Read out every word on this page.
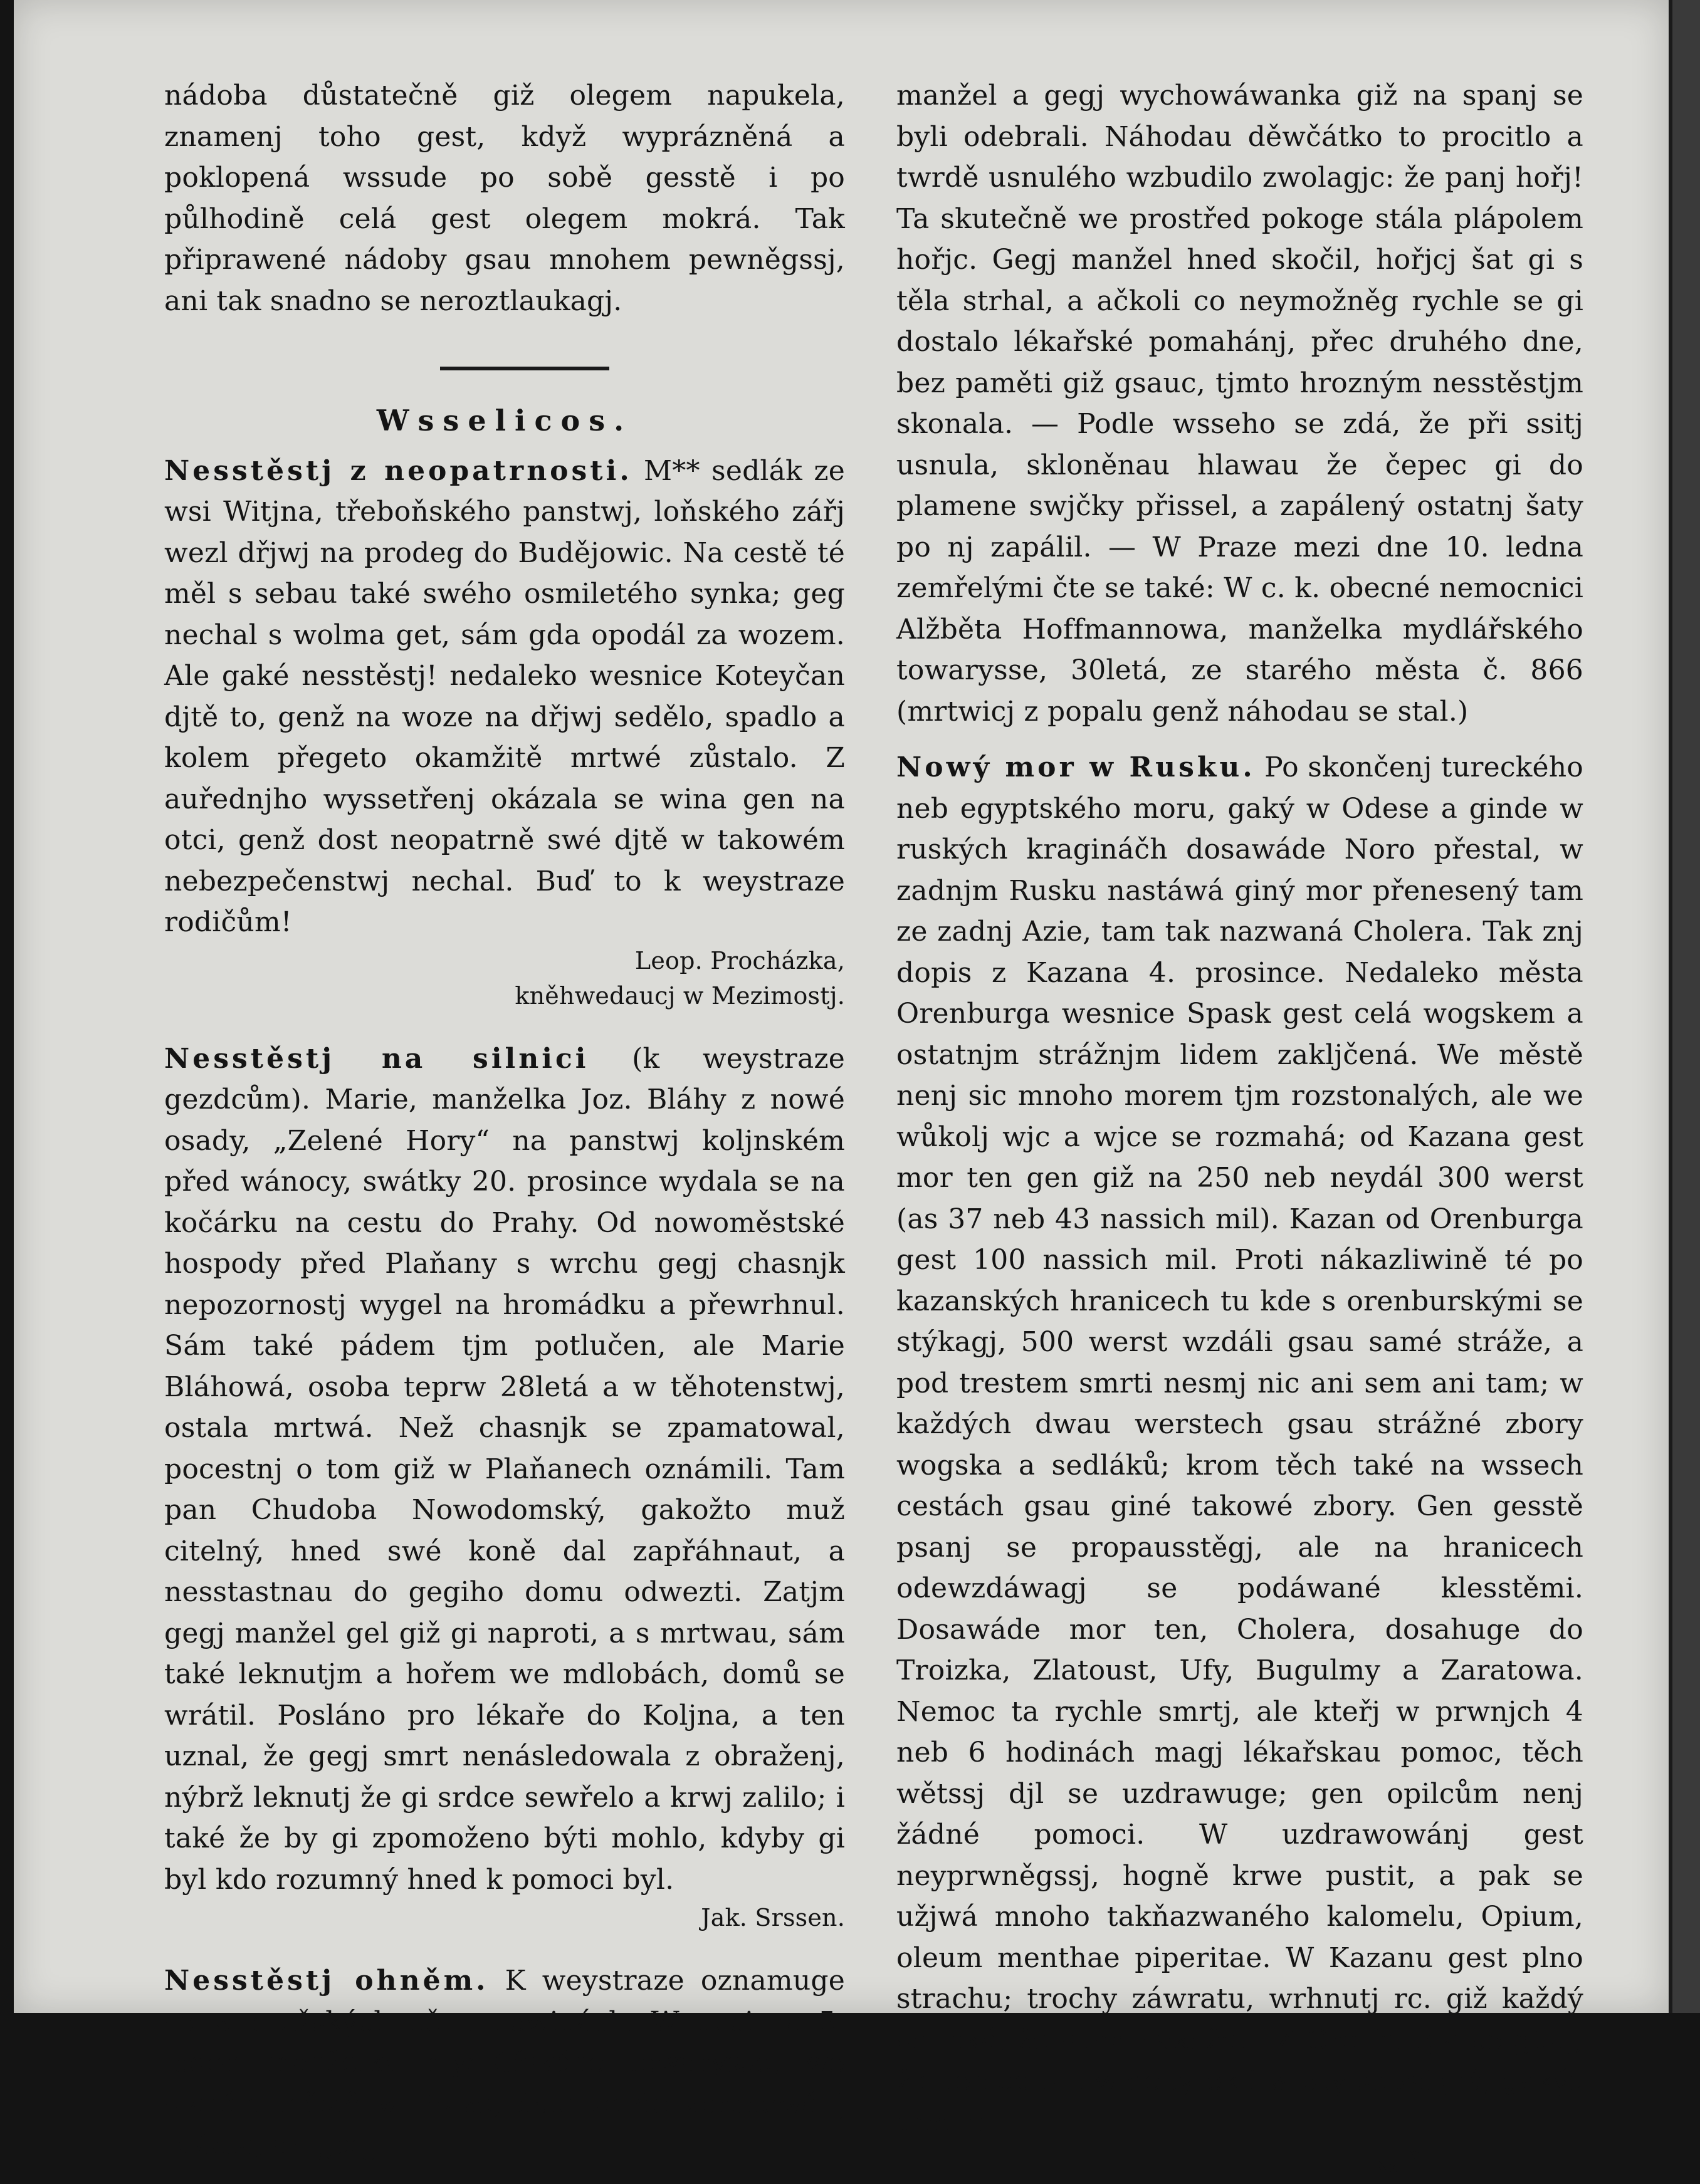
nádoba důstatečně giž olegem napukela, znamenj toho gest, když wyprázněná a poklopená wssude po sobě gesstě i po půlhodině celá gest olegem mokrá. Tak připrawené nádoby gsau mnohem pewněgssj, ani tak snadno se neroztlaukagj.

Wsselicos.

Nesstěstj z neopatrnosti. M** sedlák ze wsi Witjna, třeboňského panstwj, loňského zářj wezl dřjwj na prodeg do Budějowic. Na cestě té měl s sebau také swého osmiletého synka; geg nechal s wolma get, sám gda opodál za wozem. Ale gaké nesstěstj! nedaleko wesnice Koteyčan djtě to, genž na woze na dřjwj sedělo, spadlo a kolem přegeto okamžitě mrtwé zůstalo. Z auřednjho wyssetřenj okázala se wina gen na otci, genž dost neopatrně swé djtě w takowém nebezpečenstwj nechal. Buď to k weystraze rodičům!

Leop. Procházka,
kněhwedaucj w Mezimostj.

Nesstěstj na silnici (k weystraze gezdcům). Marie, manželka Joz. Bláhy z nowé osady, „Zelené Hory“ na panstwj koljnském před wánocy, swátky 20. prosince wydala se na kočárku na cestu do Prahy. Od nowoměstské hospody před Plaňany s wrchu gegj chasnjk nepozornostj wygel na hromádku a přewrhnul. Sám také pádem tjm potlučen, ale Marie Bláhowá, osoba teprw 28letá a w těhotenstwj, ostala mrtwá. Než chasnjk se zpamatowal, pocestnj o tom giž w Plaňanech oznámili. Tam pan Chudoba Nowodomský, gakožto muž citelný, hned swé koně dal zapřáhnaut, a nesstastnau do gegiho domu odwezti. Zatjm gegj manžel gel giž gi naproti, a s mrtwau, sám také leknutjm a hořem we mdlobách, domů se wrátil. Posláno pro lékaře do Koljna, a ten uznal, že gegj smrt nenásledowala z obraženj, nýbrž leknutj že gi srdce sewřelo a krwj zalilo; i také že by gi zpomoženo býti mohlo, kdyby gi byl kdo rozumný hned k pomoci byl.

Jak. Srssen.

Nesstěstj ohněm. K weystraze oznamuge se w pražských něm. nowinách: W noci na 5. leden manželka mydlářského towarysse, we starém městě w Praze, dala se do zpracowánj prádla, an gegj

manžel a gegj wychowáwanka giž na spanj se byli odebrali. Náhodau děwčátko to procitlo a twrdě usnulého wzbudilo zwolagjc: že panj hořj! Ta skutečně we prostřed pokoge stála plápolem hořjc. Gegj manžel hned skočil, hořjcj šat gi s těla strhal, a ačkoli co neymožněg rychle se gi dostalo lékařské pomahánj, přec druhého dne, bez paměti giž gsauc, tjmto hrozným nesstěstjm skonala. — Podle wsseho se zdá, že při ssitj usnula, skloněnau hlawau že čepec gi do plamene swjčky přissel, a zapálený ostatnj šaty po nj zapálil. — W Praze mezi dne 10. ledna zemřelými čte se také: W c. k. obecné nemocnici Alžběta Hoffmannowa, manželka mydlářského towarysse, 30letá, ze starého města č. 866 (mrtwicj z popalu genž náhodau se stal.)

Nowý mor w Rusku. Po skončenj tureckého neb egyptského moru, gaký w Odese a ginde w ruských kragináčh dosawáde Noro přestal, w zadnjm Rusku nastáwá giný mor přenesený tam ze zadnj Azie, tam tak nazwaná Cholera. Tak znj dopis z Kazana 4. prosince. Nedaleko města Orenburga wesnice Spask gest celá wogskem a ostatnjm strážnjm lidem zakljčená. We městě nenj sic mnoho morem tjm rozstonalých, ale we wůkolj wjc a wjce se rozmahá; od Kazana gest mor ten gen giž na 250 neb neydál 300 werst (as 37 neb 43 nassich mil). Kazan od Orenburga gest 100 nassich mil. Proti nákazliwině té po kazanských hranicech tu kde s orenburskými se stýkagj, 500 werst wzdáli gsau samé stráže, a pod trestem smrti nesmj nic ani sem ani tam; w každých dwau werstech gsau strážné zbory wogska a sedláků; krom těch také na wssech cestách gsau giné takowé zbory. Gen gesstě psanj se propausstěgj, ale na hranicech odewzdáwagj se podáwané klesstěmi. Dosawáde mor ten, Cholera, dosahuge do Troizka, Zlatoust, Ufy, Bugulmy a Zaratowa. Nemoc ta rychle smrtj, ale kteřj w prwnjch 4 neb 6 hodinách magj lékařskau pomoc, těch wětssj djl se uzdrawuge; gen opilcům nenj žádné pomoci. W uzdrawowánj gest neyprwněgssj, hogně krwe pustit, a pak se užjwá mnoho takňazwaného kalomelu, Opium, oleum menthae piperitae. W Kazanu gest plno strachu; trochy záwratu, wrhnutj rc. giž každý se leká, že snad nakažen. Z Orenburga se gistj, že nemoc ta i w dobytek i w psy se zabjrá; gakýs tam le-

kař
